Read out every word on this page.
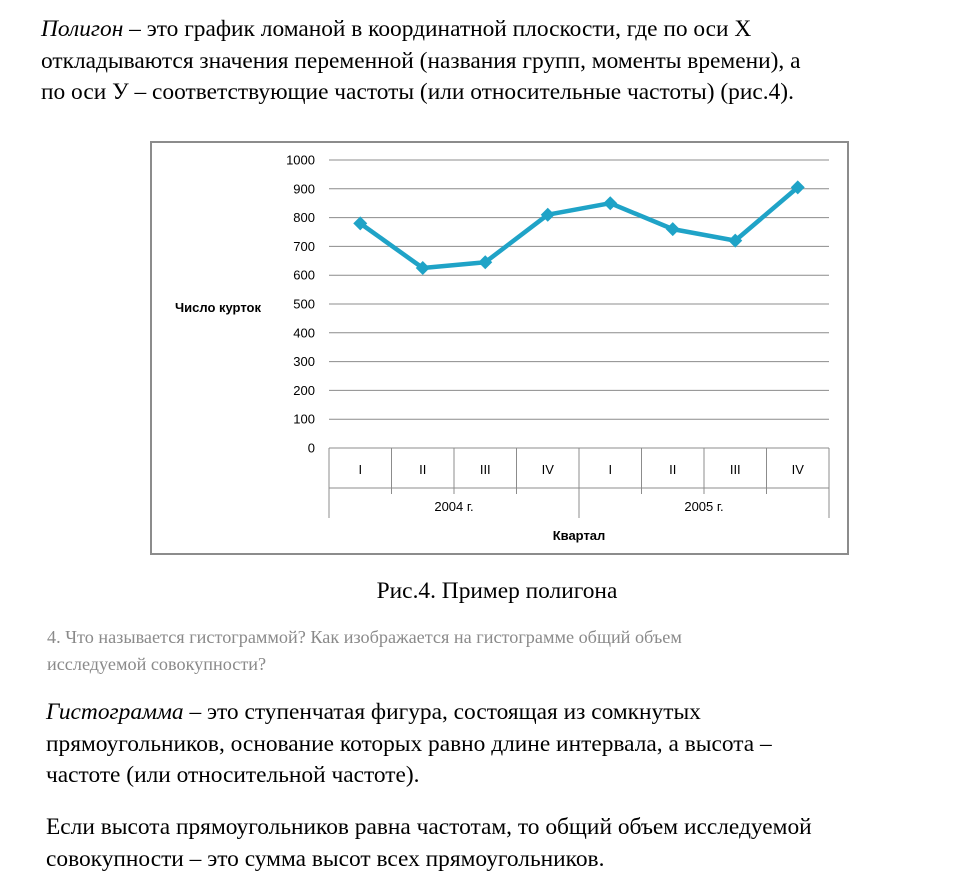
Полигон – это график ломаной в координатной плоскости, где по оси X
откладываются значения переменной (названия групп, моменты времени), а
по оси У – соответствующие частоты (или относительные частоты) (рис.4).
0
100
200
300
400
500
600
700
800
900
1000
I	II	III	IV	I	II	III	IV
2004 г.	2005 г.
Число курток
Квартал
Рис.4. Пример полигона
4. Что называется гистограммой? Как изображается на гистограмме общий объем
исследуемой совокупности?
Гистограмма – это ступенчатая фигура, состоящая из сомкнутых
прямоугольников, основание которых равно длине интервала, а высота –
частоте (или относительной частоте).
Если высота прямоугольников равна частотам, то общий объем исследуемой
совокупности – это сумма высот всех прямоугольников.
